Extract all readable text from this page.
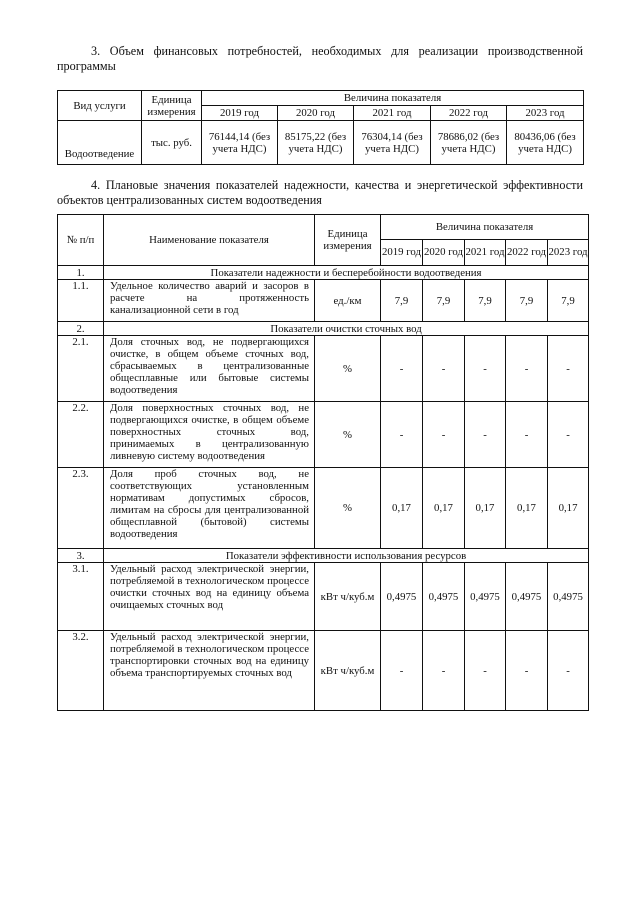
3. Объем финансовых потребностей, необходимых для реализации производственной программы
Вид услуги	Единица измерения	Величина показателя				
		2019 год	2020 год	2021 год	2022 год	2023 год
Водоотведение	тыс. руб.	76144,14 (без учета НДС)	85175,22 (без учета НДС)	76304,14 (без учета НДС)	78686,02 (без учета НДС)	80436,06 (без учета НДС)
4. Плановые значения показателей надежности, качества и энергетической эффективности объектов централизованных систем водоотведения
№ п/п	Наименование показателя	Единица измерения	Величина показателя				
			2019 год	2020 год	2021 год	2022 год	2023 год
1.	Показатели надежности и бесперебойности водоотведения						
1.1.	Удельное количество аварий и засоров в расчете на протяженность канализационной сети в год	ед./км	7,9	7,9	7,9	7,9	7,9
2.	Показатели очистки сточных вод						
2.1.	Доля сточных вод, не подвергающихся очистке, в общем объеме сточных вод, сбрасываемых в централизованные общесплавные или бытовые системы водоотведения	%	-	-	-	-	-
2.2.	Доля поверхностных сточных вод, не подвергающихся очистке, в общем объеме поверхностных сточных вод, принимаемых в централизованную ливневую систему водоотведения	%	-	-	-	-	-
2.3.	Доля проб сточных вод, не соответствующих установленным нормативам допустимых сбросов, лимитам на сбросы для централизованной общесплавной (бытовой) системы водоотведения	%	0,17	0,17	0,17	0,17	0,17
3.	Показатели эффективности использования ресурсов						
3.1.	Удельный расход электрической энергии, потребляемой в технологическом процессе очистки сточных вод на единицу объема очищаемых сточных вод	кВт ч/куб.м	0,4975	0,4975	0,4975	0,4975	0,4975
3.2.	Удельный расход электрической энергии, потребляемой в технологическом процессе транспортировки сточных вод на единицу объема транспортируемых сточных вод	кВт ч/куб.м	-	-	-	-	-
